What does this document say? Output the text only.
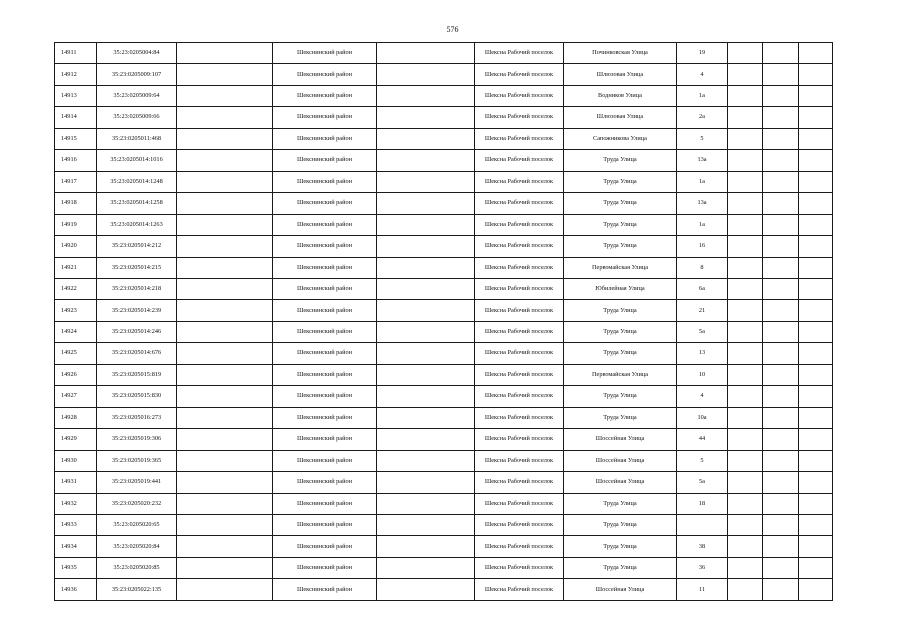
576
14911	35:23:0205004:84		Шекснинский район		Шексна Рабочий поселок	Починковская Улица	19			
14912	35:23:0205009:107		Шекснинский район		Шексна Рабочий поселок	Шлюзовая Улица	4			
14913	35:23:0205009:64		Шекснинский район		Шексна Рабочий поселок	Водников Улица	1а			
14914	35:23:0205009:66		Шекснинский район		Шексна Рабочий поселок	Шлюзовая Улица	2а			
14915	35:23:0205011:468		Шекснинский район		Шексна Рабочий поселок	Сапожникова Улица	5			
14916	35:23:0205014:1016		Шекснинский район		Шексна Рабочий поселок	Труда Улица	13а			
14917	35:23:0205014:1248		Шекснинский район		Шексна Рабочий поселок	Труда Улица	1а			
14918	35:23:0205014:1258		Шекснинский район		Шексна Рабочий поселок	Труда Улица	13а			
14919	35:23:0205014:1263		Шекснинский район		Шексна Рабочий поселок	Труда Улица	1а			
14920	35:23:0205014:212		Шекснинский район		Шексна Рабочий поселок	Труда Улица	16			
14921	35:23:0205014:215		Шекснинский район		Шексна Рабочий поселок	Первомайская Улица	8			
14922	35:23:0205014:218		Шекснинский район		Шексна Рабочий поселок	Юбилейная Улица	6а			
14923	35:23:0205014:239		Шекснинский район		Шексна Рабочий поселок	Труда Улица	21			
14924	35:23:0205014:246		Шекснинский район		Шексна Рабочий поселок	Труда Улица	5а			
14925	35:23:0205014:676		Шекснинский район		Шексна Рабочий поселок	Труда Улица	13			
14926	35:23:0205015:819		Шекснинский район		Шексна Рабочий поселок	Первомайская Улица	10			
14927	35:23:0205015:830		Шекснинский район		Шексна Рабочий поселок	Труда Улица	4			
14928	35:23:0205016:273		Шекснинский район		Шексна Рабочий поселок	Труда Улица	10а			
14929	35:23:0205019:306		Шекснинский район		Шексна Рабочий поселок	Шоссейная Улица	44			
14930	35:23:0205019:365		Шекснинский район		Шексна Рабочий поселок	Шоссейная Улица	5			
14931	35:23:0205019:441		Шекснинский район		Шексна Рабочий поселок	Шоссейная Улица	5а			
14932	35:23:0205020:232		Шекснинский район		Шексна Рабочий поселок	Труда Улица	18			
14933	35:23:0205020:65		Шекснинский район		Шексна Рабочий поселок	Труда Улица				
14934	35:23:0205020:84		Шекснинский район		Шексна Рабочий поселок	Труда Улица	38			
14935	35:23:0205020:85		Шекснинский район		Шексна Рабочий поселок	Труда Улица	36			
14936	35:23:0205022:135		Шекснинский район		Шексна Рабочий поселок	Шоссейная Улица	11			
